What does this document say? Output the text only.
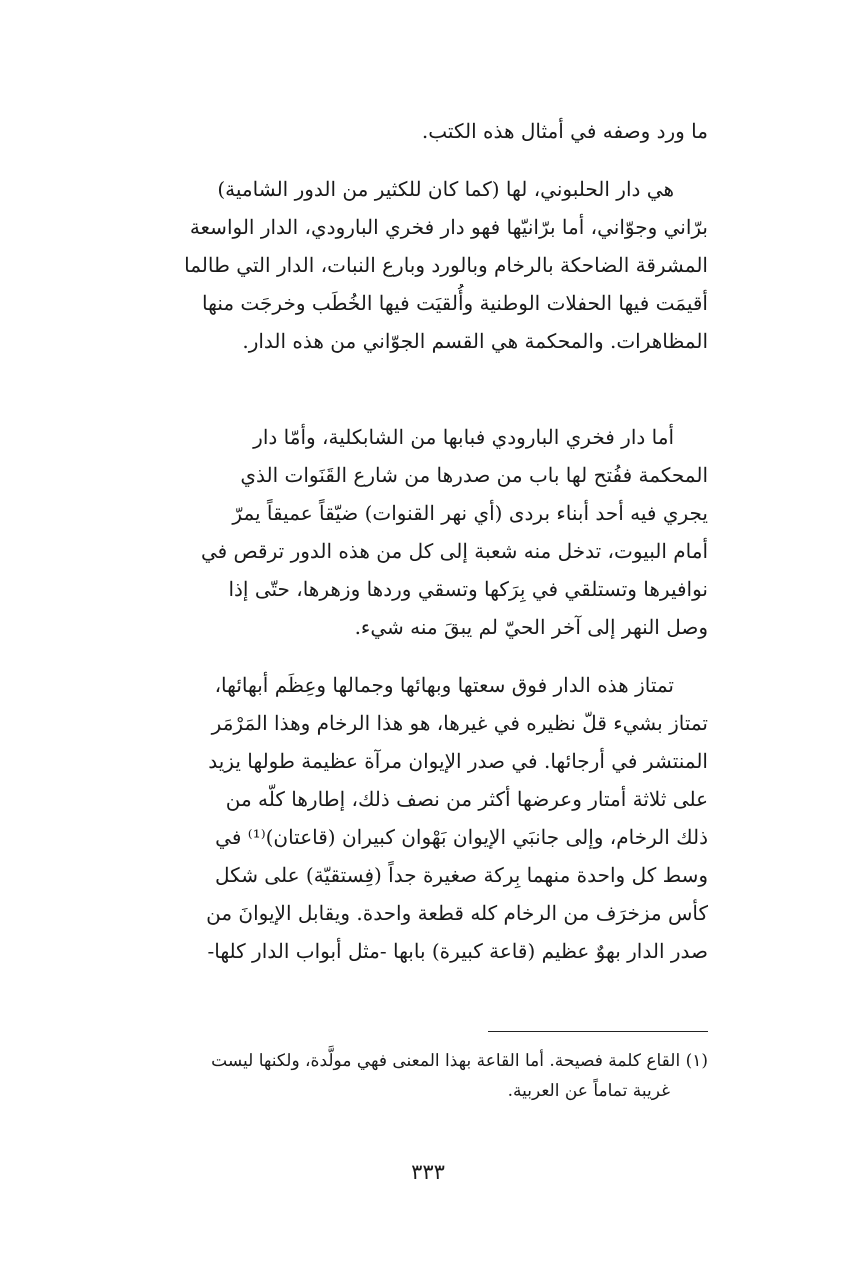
ما ورد وصفه في أمثال هذه الكتب.
هي دار الحلبوني، لها (كما كان للكثير من الدور الشامية)
برّاني وجوّاني، أما برّانيّها فهو دار فخري البارودي، الدار الواسعة
المشرقة الضاحكة بالرخام وبالورد وبارع النبات، الدار التي طالما
أقيمَت فيها الحفلات الوطنية وأُلقيَت فيها الخُطَب وخرجَت منها
المظاهرات. والمحكمة هي القسم الجوّاني من هذه الدار.
أما دار فخري البارودي فبابها من الشابكلية، وأمّا دار
المحكمة ففُتح لها باب من صدرها من شارع القَنَوات الذي
يجري فيه أحد أبناء بردى (أي نهر القنوات) ضيّقاً عميقاً يمرّ
أمام البيوت، تدخل منه شعبة إلى كل من هذه الدور ترقص في
نوافيرها وتستلقي في بِرَكها وتسقي وردها وزهرها، حتّى إذا
وصل النهر إلى آخر الحيّ لم يبقَ منه شيء.
تمتاز هذه الدار فوق سعتها وبهائها وجمالها وعِظَم أبهائها،
تمتاز بشيء قلّ نظيره في غيرها، هو هذا الرخام وهذا المَرْمَر
المنتشر في أرجائها. في صدر الإيوان مرآة عظيمة طولها يزيد
على ثلاثة أمتار وعرضها أكثر من نصف ذلك، إطارها كلّه من
ذلك الرخام، وإلى جانبَي الإيوان بَهْوان كبيران (قاعتان)⁽¹⁾ في
وسط كل واحدة منهما بِركة صغيرة جداً (فِستقيّة) على شكل
كأس مزخرَف من الرخام كله قطعة واحدة. ويقابل الإيوانَ من
صدر الدار بهوٌ عظيم (قاعة كبيرة) بابها -مثل أبواب الدار كلها-
(١) القاع كلمة فصيحة. أما القاعة بهذا المعنى فهي مولَّدة، ولكنها ليست
غريبة تماماً عن العربية.
٣٣٣
